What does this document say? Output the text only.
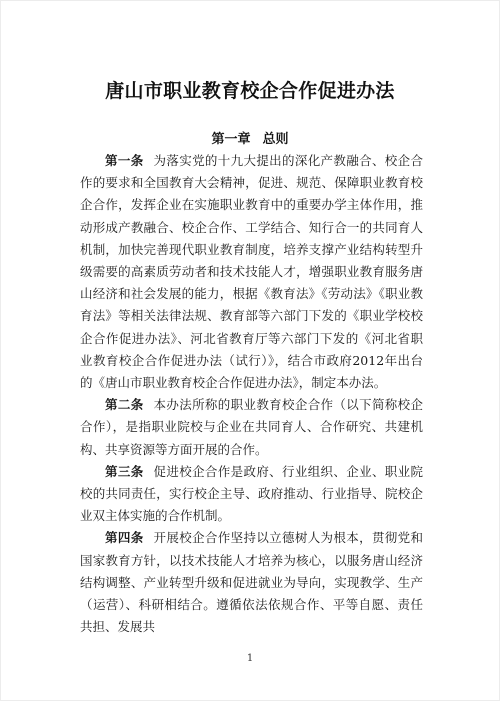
唐山市职业教育校企合作促进办法
第一章 总则

第一条 为落实党的十九大提出的深化产教融合、校企合作的要求和全国教育大会精神，促进、规范、保障职业教育校企合作，发挥企业在实施职业教育中的重要办学主体作用，推动形成产教融合、校企合作、工学结合、知行合一的共同育人机制，加快完善现代职业教育制度，培养支撑产业结构转型升级需要的高素质劳动者和技术技能人才，增强职业教育服务唐山经济和社会发展的能力，根据《教育法》《劳动法》《职业教育法》等相关法律法规、教育部等六部门下发的《职业学校校企合作促进办法》、河北省教育厅等六部门下发的《河北省职业教育校企合作促进办法（试行）》，结合市政府2012年出台的《唐山市职业教育校企合作促进办法》，制定本办法。

第二条 本办法所称的职业教育校企合作（以下简称校企合作），是指职业院校与企业在共同育人、合作研究、共建机构、共享资源等方面开展的合作。

第三条 促进校企合作是政府、行业组织、企业、职业院校的共同责任，实行校企主导、政府推动、行业指导、院校企业双主体实施的合作机制。

第四条 开展校企合作坚持以立德树人为根本，贯彻党和国家教育方针，以技术技能人才培养为核心，以服务唐山经济结构调整、产业转型升级和促进就业为导向，实现教学、生产（运营）、科研相结合。遵循依法依规合作、平等自愿、责任共担、发展共

1
